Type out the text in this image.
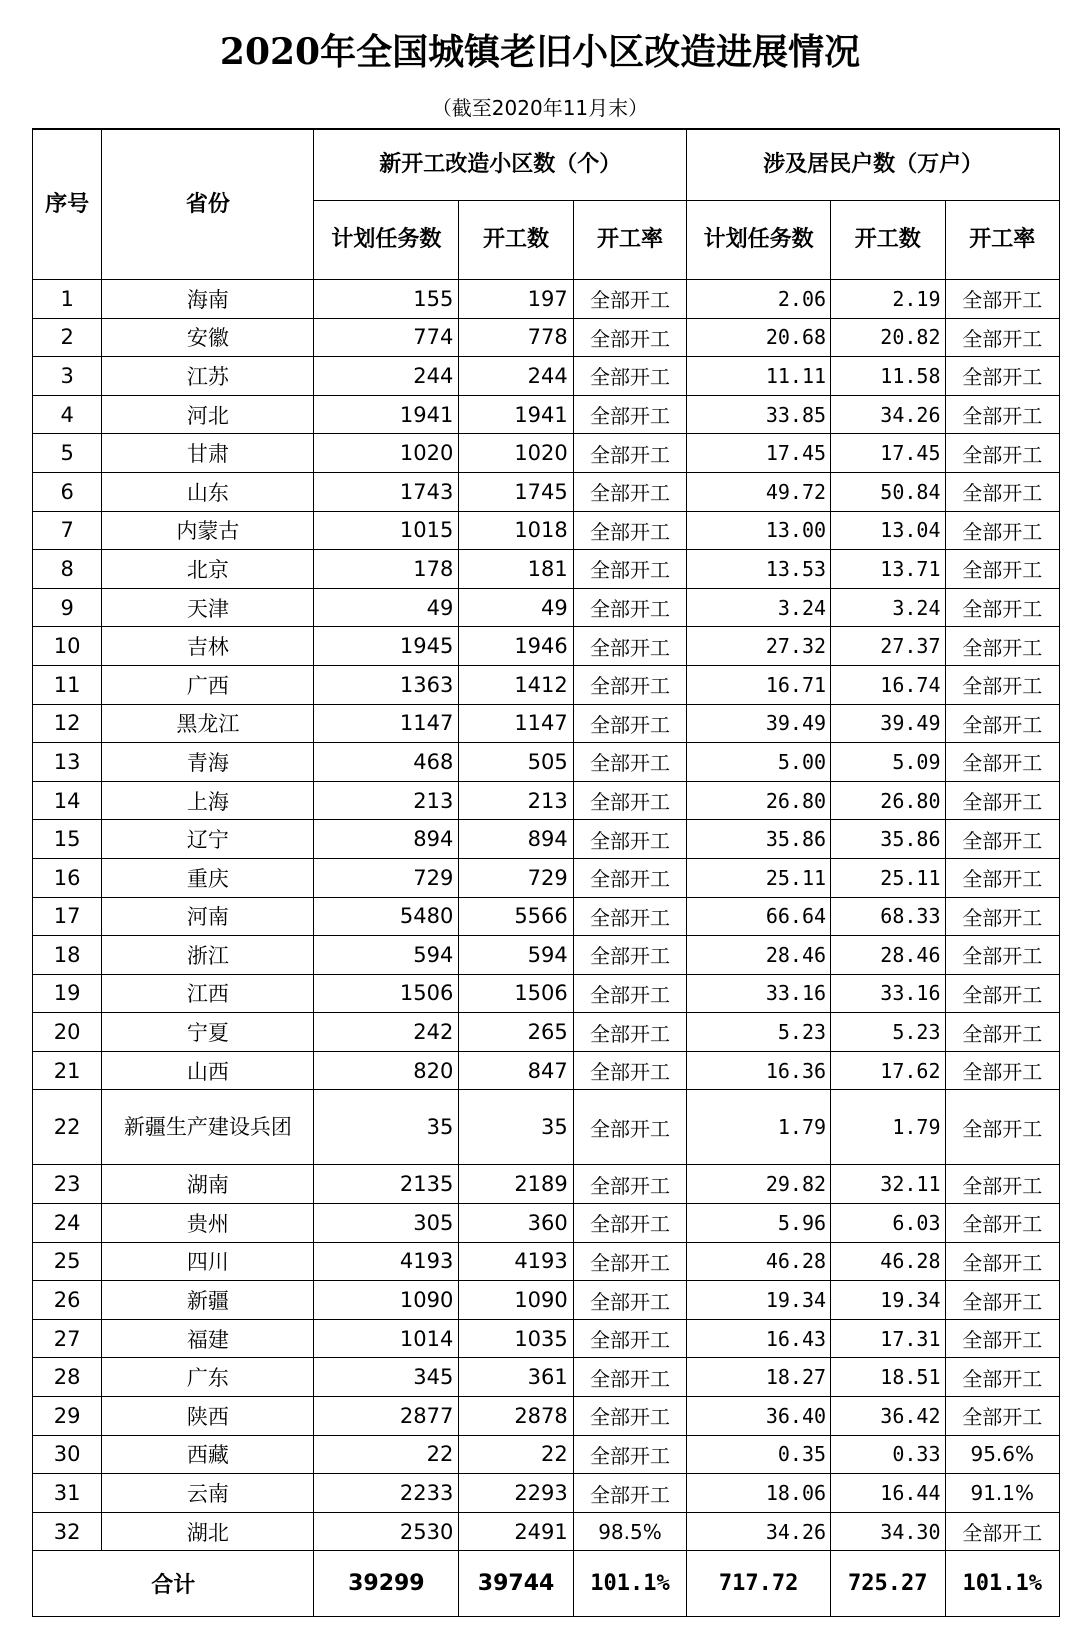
2020年全国城镇老旧小区改造进展情况
（截至2020年11月末）
序号	省份	新开工改造小区数（个）			涉及居民户数（万户）		
		计划任务数	开工数	开工率	计划任务数	开工数	开工率
1	海南	155	197	全部开工	2.06	2.19	全部开工
2	安徽	774	778	全部开工	20.68	20.82	全部开工
3	江苏	244	244	全部开工	11.11	11.58	全部开工
4	河北	1941	1941	全部开工	33.85	34.26	全部开工
5	甘肃	1020	1020	全部开工	17.45	17.45	全部开工
6	山东	1743	1745	全部开工	49.72	50.84	全部开工
7	内蒙古	1015	1018	全部开工	13.00	13.04	全部开工
8	北京	178	181	全部开工	13.53	13.71	全部开工
9	天津	49	49	全部开工	3.24	3.24	全部开工
10	吉林	1945	1946	全部开工	27.32	27.37	全部开工
11	广西	1363	1412	全部开工	16.71	16.74	全部开工
12	黑龙江	1147	1147	全部开工	39.49	39.49	全部开工
13	青海	468	505	全部开工	5.00	5.09	全部开工
14	上海	213	213	全部开工	26.80	26.80	全部开工
15	辽宁	894	894	全部开工	35.86	35.86	全部开工
16	重庆	729	729	全部开工	25.11	25.11	全部开工
17	河南	5480	5566	全部开工	66.64	68.33	全部开工
18	浙江	594	594	全部开工	28.46	28.46	全部开工
19	江西	1506	1506	全部开工	33.16	33.16	全部开工
20	宁夏	242	265	全部开工	5.23	5.23	全部开工
21	山西	820	847	全部开工	16.36	17.62	全部开工
22	新疆生产建设兵团	35	35	全部开工	1.79	1.79	全部开工
23	湖南	2135	2189	全部开工	29.82	32.11	全部开工
24	贵州	305	360	全部开工	5.96	6.03	全部开工
25	四川	4193	4193	全部开工	46.28	46.28	全部开工
26	新疆	1090	1090	全部开工	19.34	19.34	全部开工
27	福建	1014	1035	全部开工	16.43	17.31	全部开工
28	广东	345	361	全部开工	18.27	18.51	全部开工
29	陕西	2877	2878	全部开工	36.40	36.42	全部开工
30	西藏	22	22	全部开工	0.35	0.33	95.6%
31	云南	2233	2293	全部开工	18.06	16.44	91.1%
32	湖北	2530	2491	98.5%	34.26	34.30	全部开工
合计		39299	39744	101.1%	717.72	725.27	101.1%
